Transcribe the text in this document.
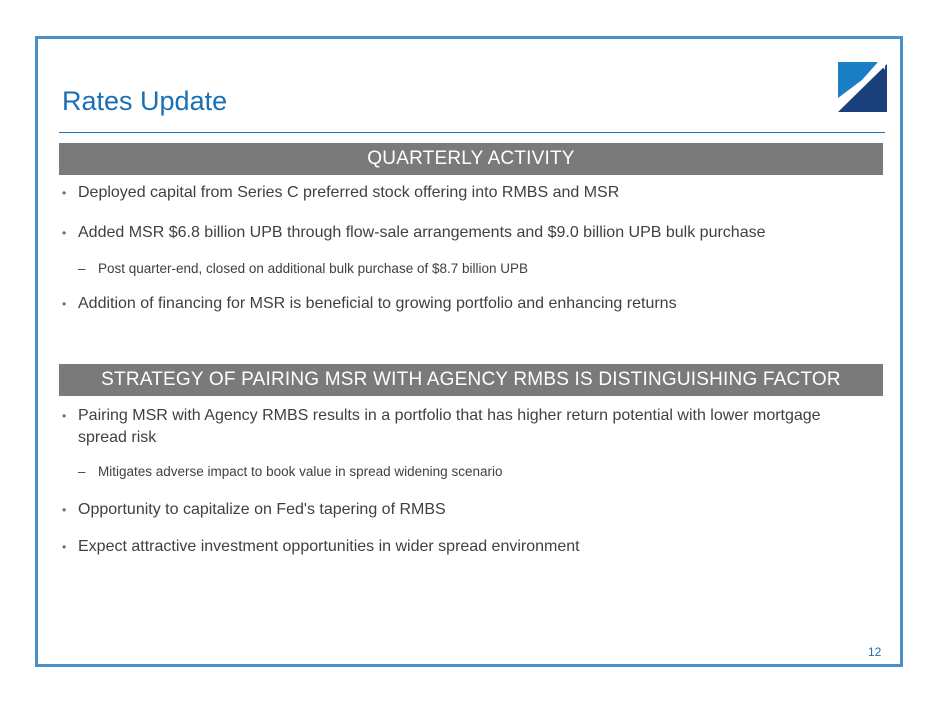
Rates Update
QUARTERLY ACTIVITY
• Deployed capital from Series C preferred stock offering into RMBS and MSR
• Added MSR $6.8 billion UPB through flow-sale arrangements and $9.0 billion UPB bulk purchase
– Post quarter-end, closed on additional bulk purchase of $8.7 billion UPB
• Addition of financing for MSR is beneficial to growing portfolio and enhancing returns
STRATEGY OF PAIRING MSR WITH AGENCY RMBS IS DISTINGUISHING FACTOR
• Pairing MSR with Agency RMBS results in a portfolio that has higher return potential with lower mortgage spread risk
– Mitigates adverse impact to book value in spread widening scenario
• Opportunity to capitalize on Fed's tapering of RMBS
• Expect attractive investment opportunities in wider spread environment
12
